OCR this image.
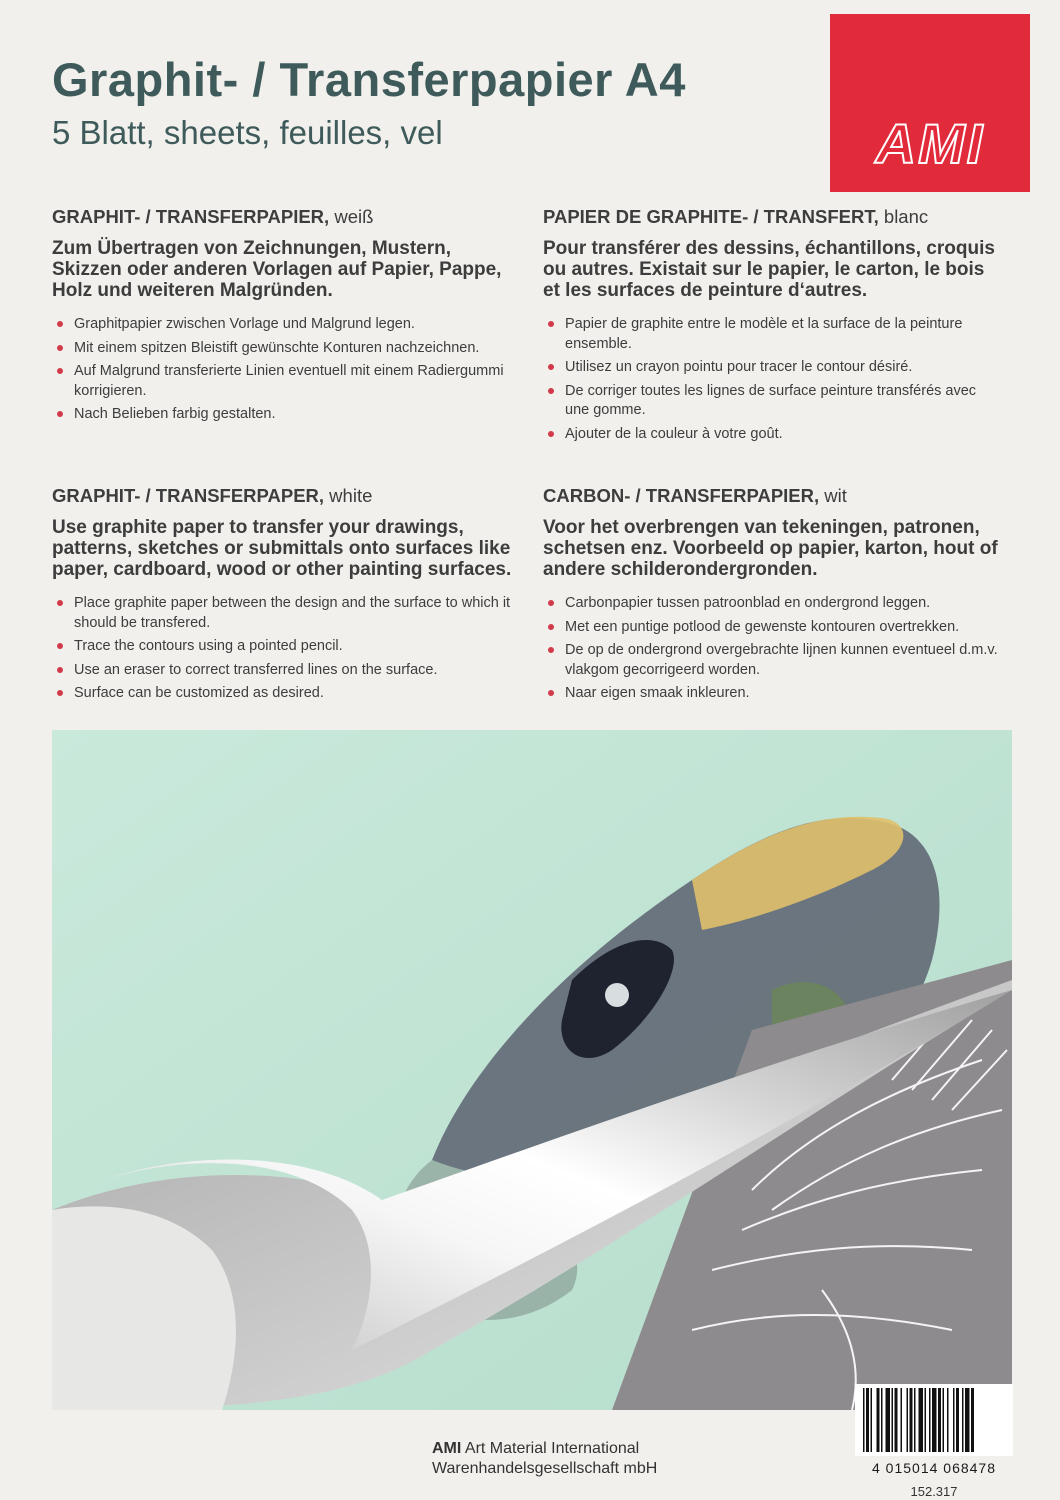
Graphit- / Transferpapier A4
5 Blatt, sheets, feuilles, vel	AMI
GRAPHIT- / TRANSFERPAPIER, weiß
Zum Übertragen von Zeichnungen, Mustern, Skizzen oder anderen Vorlagen auf Papier, Pappe, Holz und weiteren Malgründen.
Graphitpapier zwischen Vorlage und Malgrund legen.
Mit einem spitzen Bleistift gewünschte Konturen nachzeichnen.
Auf Malgrund transferierte Linien eventuell mit einem Radiergummi korrigieren.
Nach Belieben farbig gestalten.
PAPIER DE GRAPHITE- / TRANSFERT, blanc
Pour transférer des dessins, échantillons, croquis ou autres. Existait sur le papier, le carton, le bois et les surfaces de peinture d‘autres.
Papier de graphite entre le modèle et la surface de la peinture ensemble.
Utilisez un crayon pointu pour tracer le contour désiré.
De corriger toutes les lignes de surface peinture transférés avec une gomme.
Ajouter de la couleur à votre goût.
GRAPHIT- / TRANSFERPAPER, white
Use graphite paper to transfer your drawings, patterns, sketches or submittals onto surfaces like paper, cardboard, wood or other painting surfaces.
Place graphite paper between the design and the surface to which it should be transfered.
Trace the contours using a pointed pencil.
Use an eraser to correct transferred lines on the surface.
Surface can be customized as desired.
CARBON- / TRANSFERPAPIER, wit
Voor het overbrengen van tekeningen, patronen, schetsen enz. Voorbeeld op papier, karton, hout of andere schilderondergronden.
Carbonpapier tussen patroonblad en ondergrond leggen.
Met een puntige potlood de gewenste kontouren overtrekken.
De op de ondergrond overgebrachte lijnen kunnen eventueel d.m.v. vlakgom gecorrigeerd worden.
Naar eigen smaak inkleuren.
4 015014 068478
152.317
AMI Art Material International
Warenhandelsgesellschaft mbH
